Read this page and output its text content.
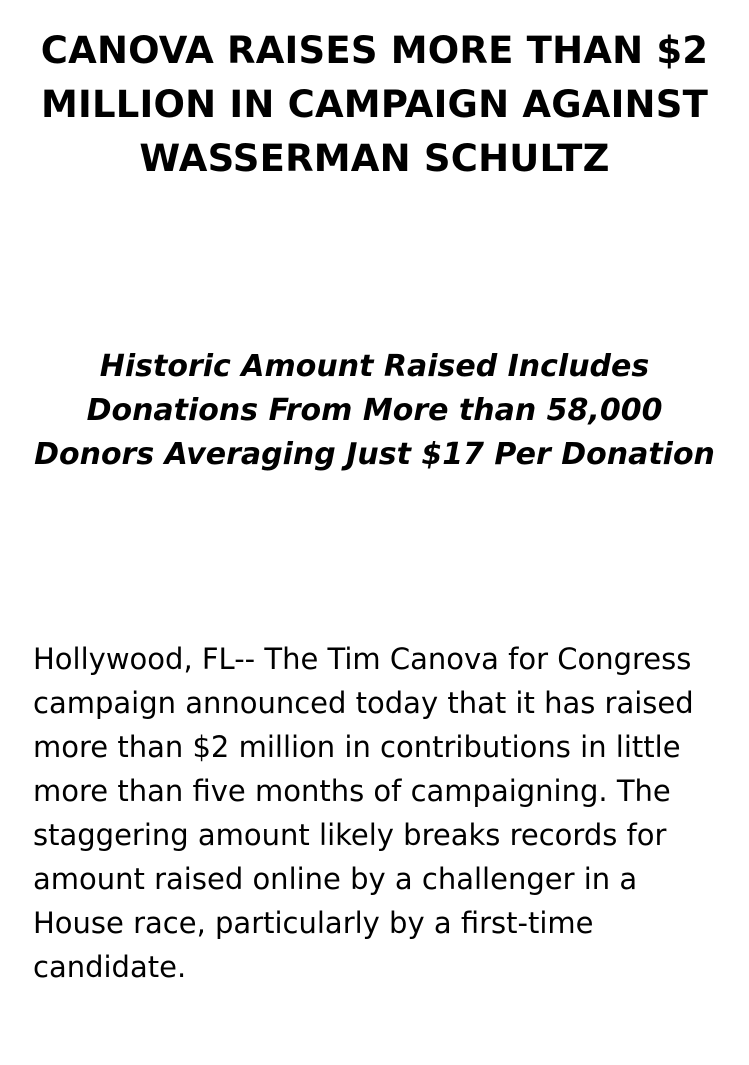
CANOVA RAISES MORE THAN $2 MILLION IN CAMPAIGN AGAINST WASSERMAN SCHULTZ
Historic Amount Raised Includes Donations From More than 58,000 Donors Averaging Just $17 Per Donation

Hollywood, FL-- The Tim Canova for Congress campaign announced today that it has raised more than $2 million in contributions in little more than five months of campaigning. The staggering amount likely breaks records for amount raised online by a challenger in a House race, particularly by a first-time candidate.
